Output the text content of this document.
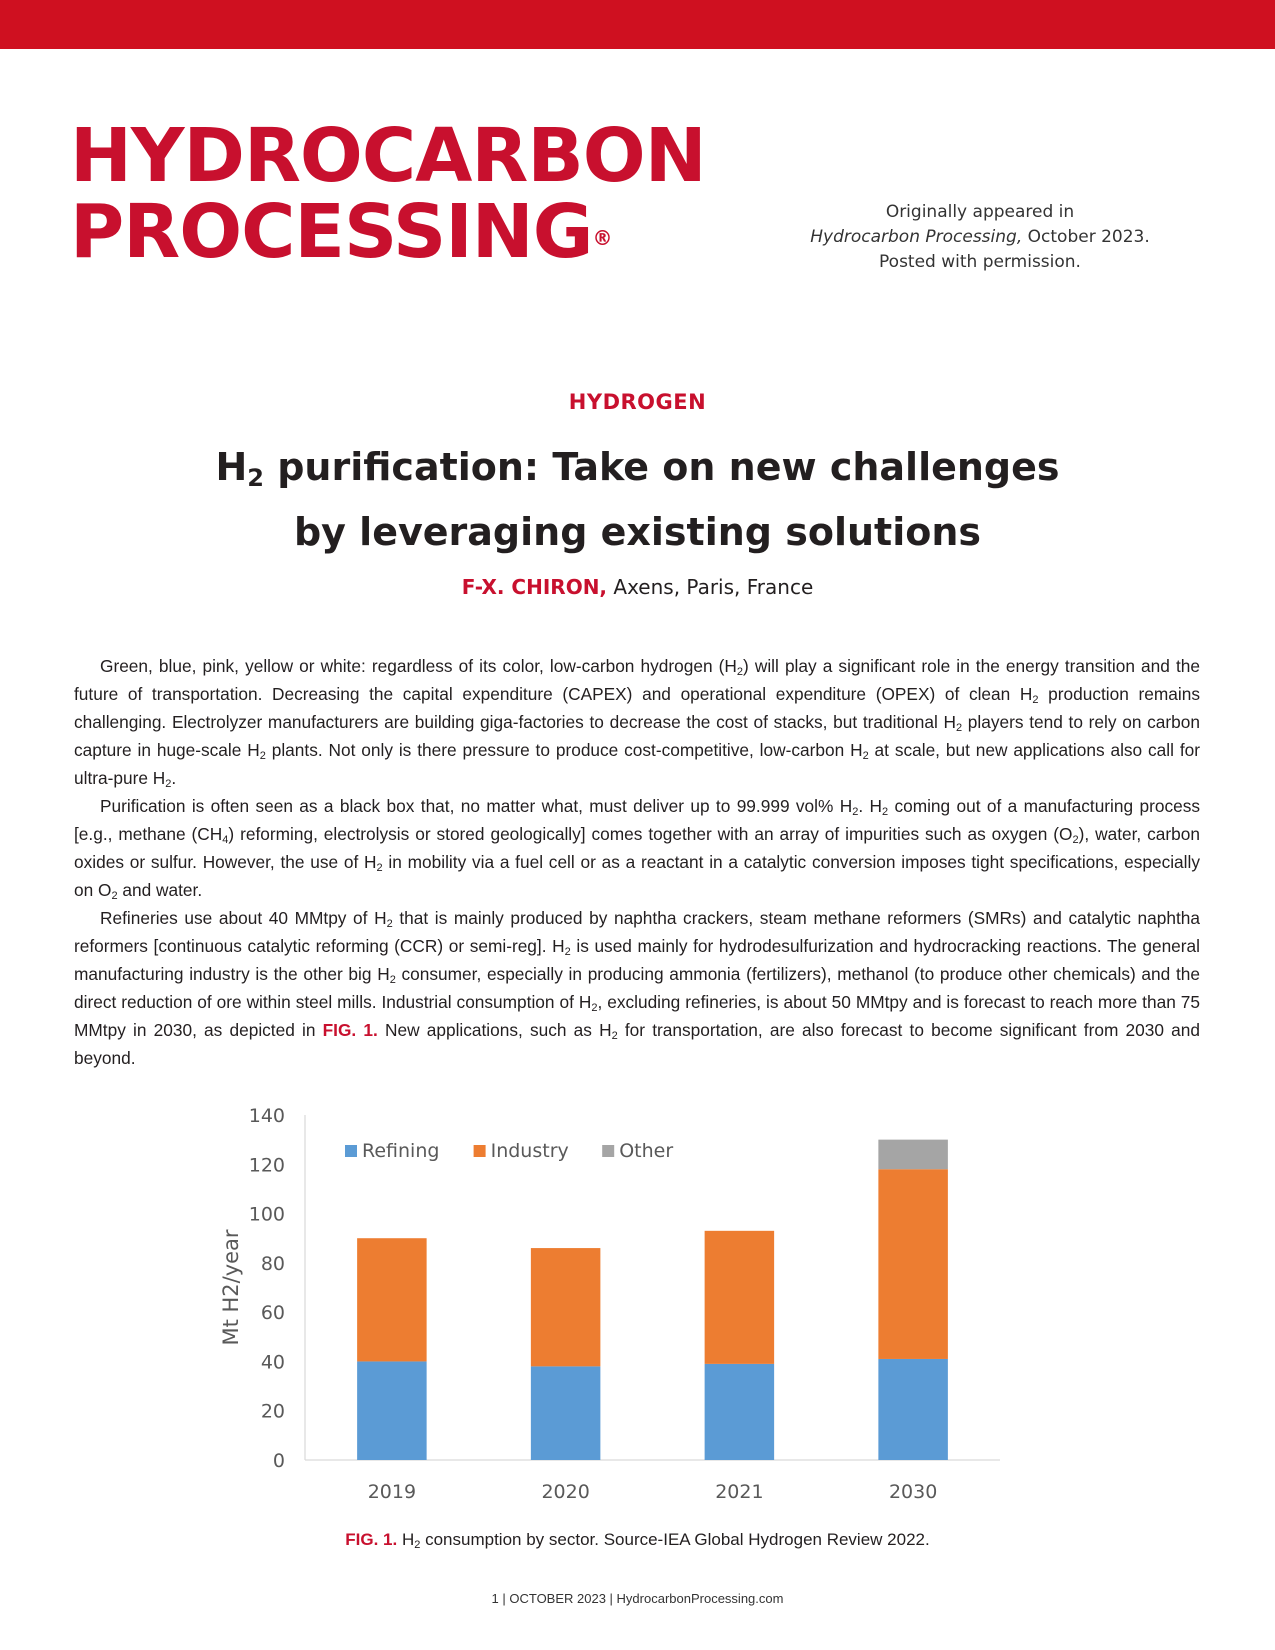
HYDROCARBON
PROCESSING®
Originally appeared in
Hydrocarbon Processing, October 2023.
Posted with permission.
HYDROGEN
$H_2$ purification: Take on new challenges
by leveraging existing solutions
F-X. CHIRON, Axens, Paris, France

Green, blue, pink, yellow or white: regardless of its color, low-carbon hydrogen $(H_2)$ will play a significant role in the energy transition and the future of transportation. Decreasing the capital expenditure (CAPEX) and operational expenditure (OPEX) of clean $H_2$ production remains challenging. Electrolyzer manufacturers are building giga-factories to decrease the cost of stacks, but traditional $H_2$ players tend to rely on carbon capture in huge-scale $H_2$ plants. Not only is there pressure to produce cost-competitive, low-carbon $H_2$ at scale, but new applications also call for ultra-pure $H_2$.

Purification is often seen as a black box that, no matter what, must deliver up to 99.999 vol% $H_2$. $H_2$ coming out of a manufacturing process [e.g., methane $(CH_4)$ reforming, electrolysis or stored geologically] comes together with an array of impurities such as oxygen $(O_2)$, water, carbon oxides or sulfur. However, the use of $H_2$ in mobility via a fuel cell or as a reactant in a catalytic conversion imposes tight specifications, especially on $O_2$ and water.

Refineries use about 40 MMtpy of $H_2$ that is mainly produced by naphtha crackers, steam methane reformers (SMRs) and catalytic naphtha reformers [continuous catalytic reforming (CCR) or semi-reg]. $H_2$ is used mainly for hydrodesulfurization and hydrocracking reactions. The general manufacturing industry is the other big $H_2$ consumer, especially in producing ammonia (fertilizers), methanol (to produce other chemicals) and the direct reduction of ore within steel mills. Industrial consumption of $H_2$, excluding refineries, is about 50 MMtpy and is forecast to reach more than 75 MMtpy in 2030, as depicted in FIG. 1. New applications, such as $H_2$ for transportation, are also forecast to become significant from 2030 and beyond.

0
20
40
60
80
100
120
140
Mt H2/year
2019	2020	2021	2030
Refining	Industry	Other
FIG. 1. $H_2$ consumption by sector. Source-IEA Global Hydrogen Review 2022.
1 | OCTOBER 2023 | HydrocarbonProcessing.com
